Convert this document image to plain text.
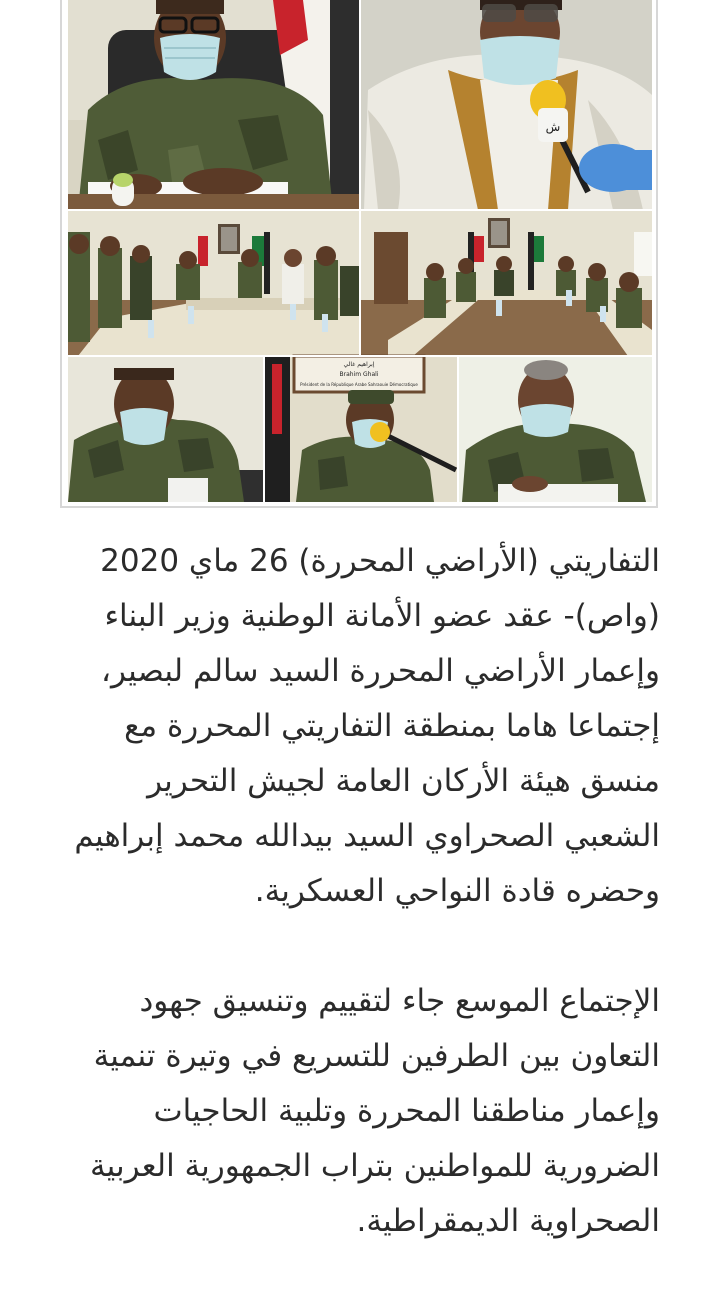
ش
إبراهيم غالي
Brahim Ghali
Président de la République Arabe Sahraouie Démocratique

التفاريتي (الأراضي المحررة) 26 ماي 2020 (واص)- عقد عضو الأمانة الوطنية وزير البناء وإعمار الأراضي المحررة السيد سالم لبصير، إجتماعا هاما بمنطقة التفاريتي المحررة مع منسق هيئة الأركان العامة لجيش التحرير الشعبي الصحراوي السيد بيدالله محمد إبراهيم وحضره قادة النواحي العسكرية.

الإجتماع الموسع جاء لتقييم وتنسيق جهود التعاون بين الطرفين للتسريع في وتيرة تنمية وإعمار مناطقنا المحررة وتلبية الحاجيات الضرورية للمواطنين بتراب الجمهورية العربية الصحراوية الديمقراطية.
